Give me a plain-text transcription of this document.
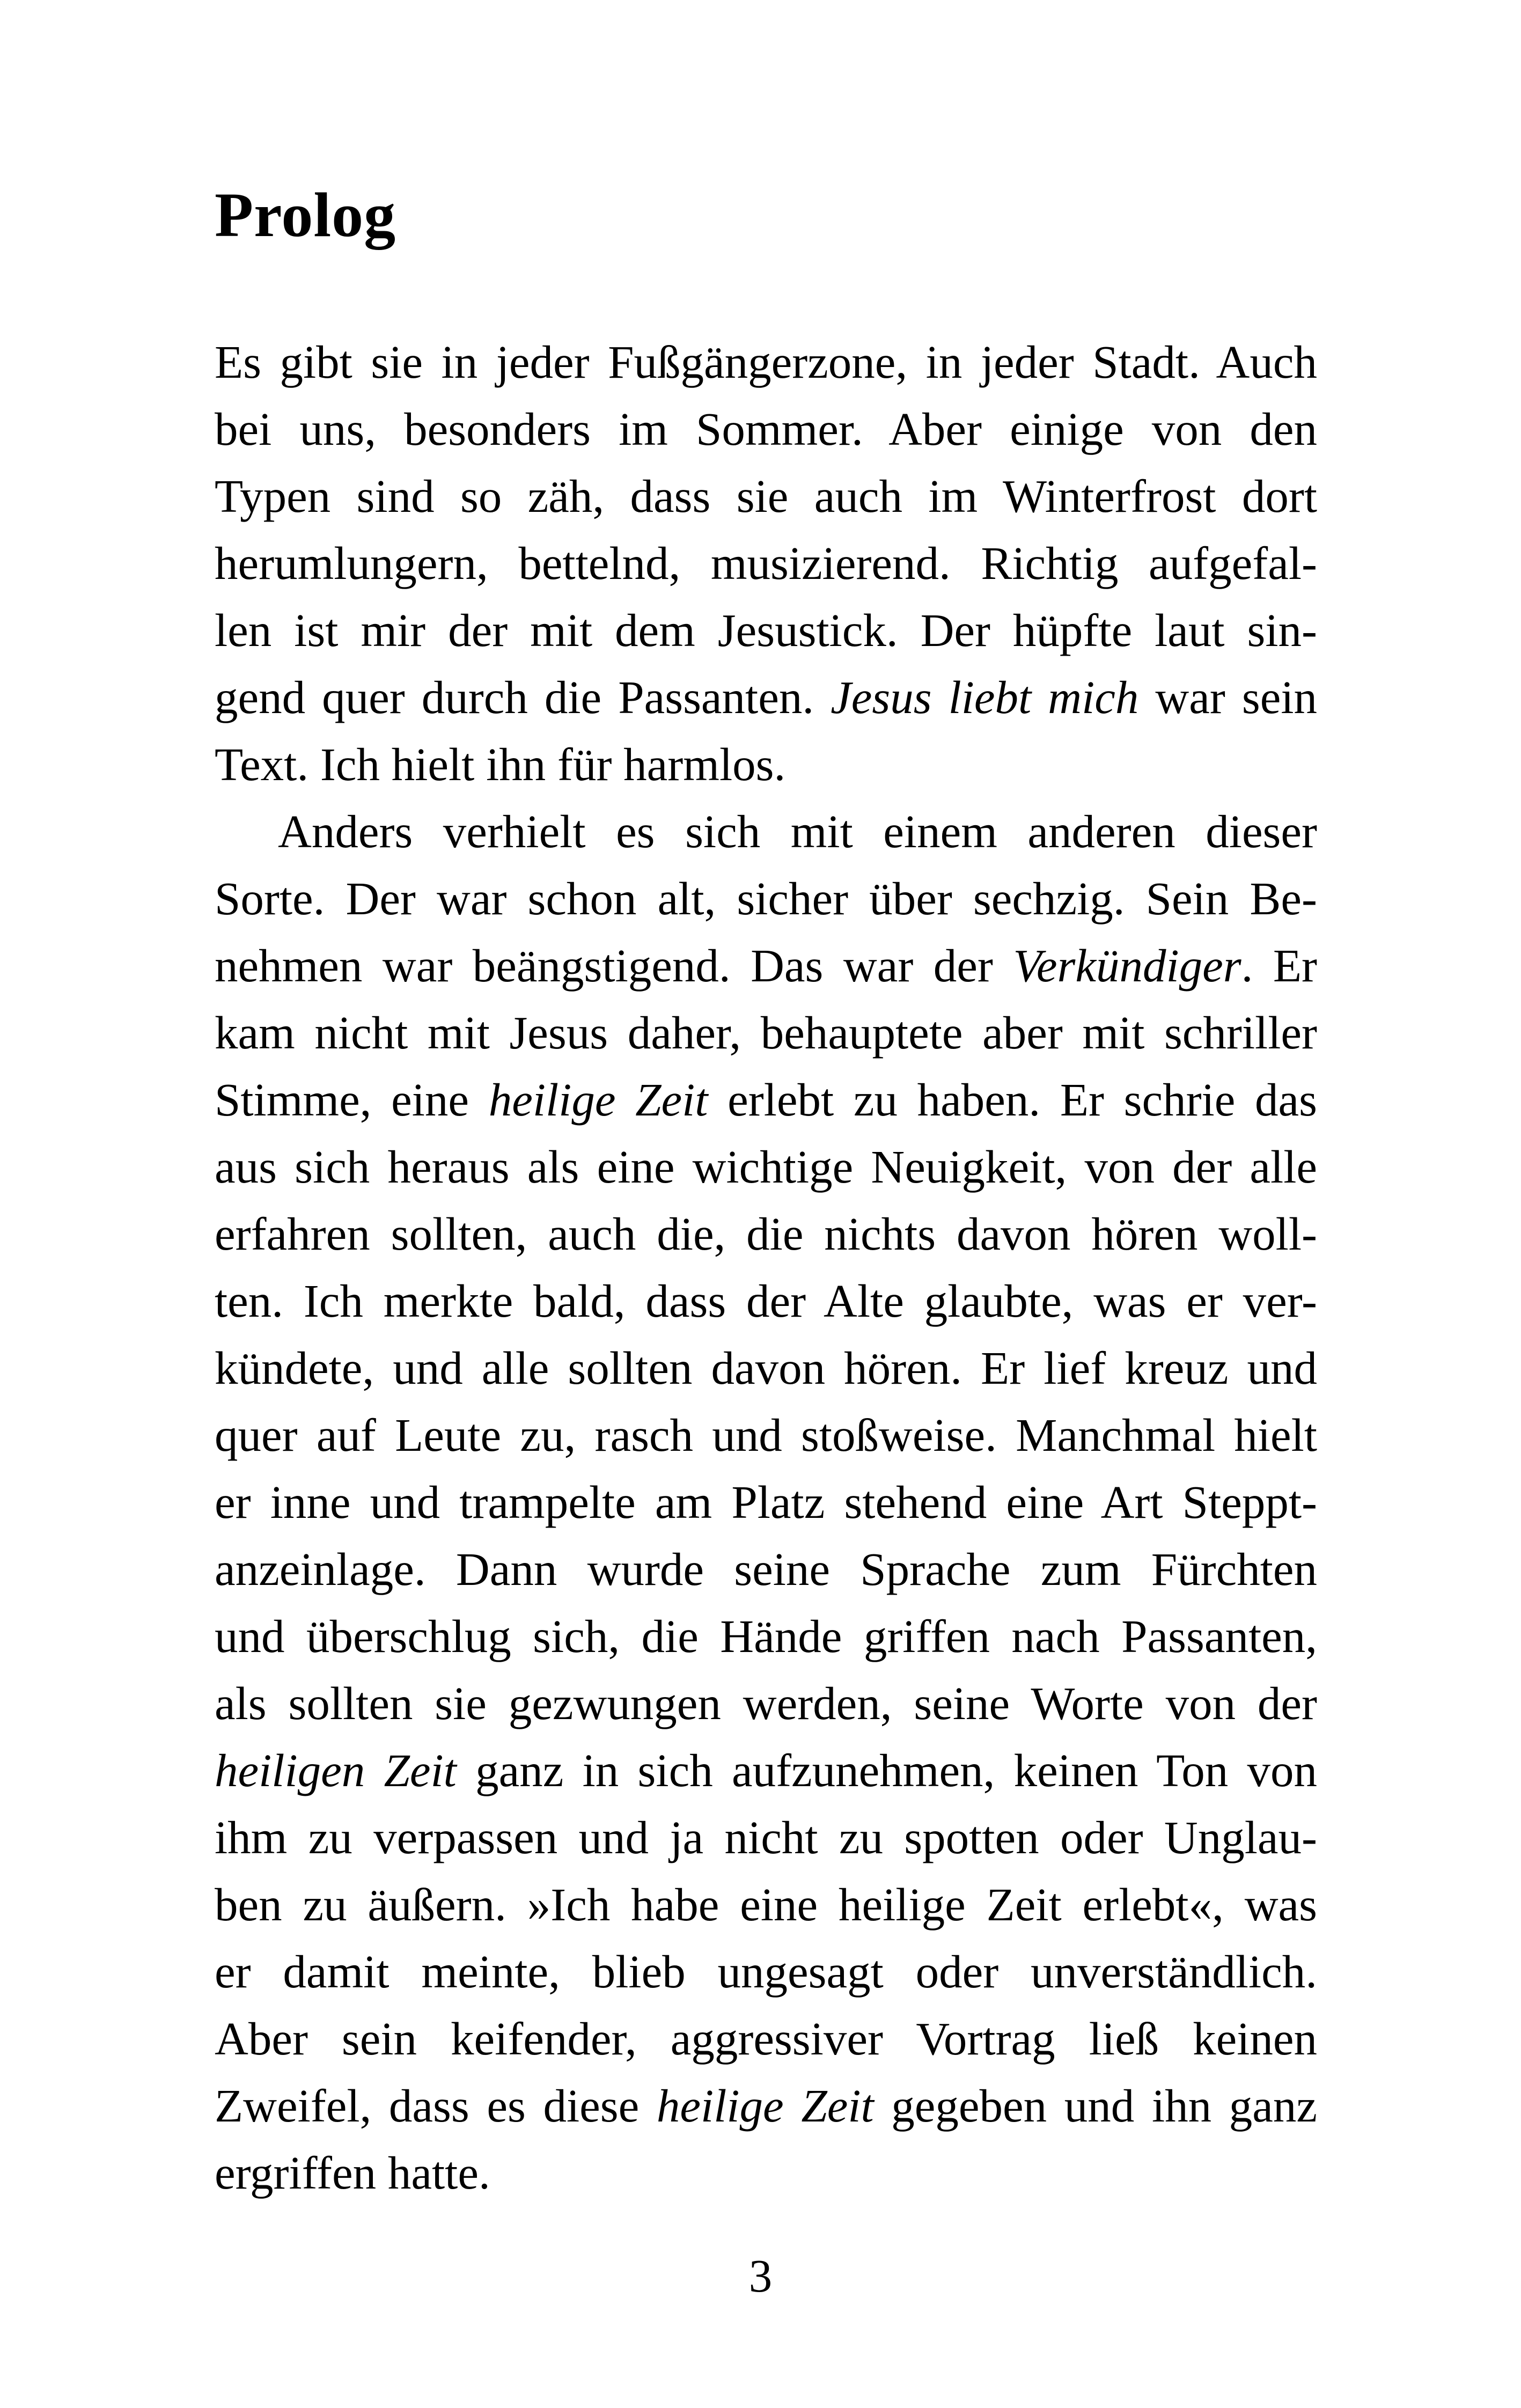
Prolog
Es gibt sie in jeder Fußgängerzone, in jeder Stadt. Auch
bei uns, besonders im Sommer. Aber einige von den
Typen sind so zäh, dass sie auch im Winterfrost dort
herumlungern, bettelnd, musizierend. Richtig aufgefal-
len ist mir der mit dem Jesustick. Der hüpfte laut sin-
gend quer durch die Passanten. Jesus liebt mich war sein
Text. Ich hielt ihn für harmlos.
Anders verhielt es sich mit einem anderen dieser
Sorte. Der war schon alt, sicher über sechzig. Sein Be-
nehmen war beängstigend. Das war der Verkündiger. Er
kam nicht mit Jesus daher, behauptete aber mit schriller
Stimme, eine heilige Zeit erlebt zu haben. Er schrie das
aus sich heraus als eine wichtige Neuigkeit, von der alle
erfahren sollten, auch die, die nichts davon hören woll-
ten. Ich merkte bald, dass der Alte glaubte, was er ver-
kündete, und alle sollten davon hören. Er lief kreuz und
quer auf Leute zu, rasch und stoßweise. Manchmal hielt
er inne und trampelte am Platz stehend eine Art Steppt-
anzeinlage. Dann wurde seine Sprache zum Fürchten
und überschlug sich, die Hände griffen nach Passanten,
als sollten sie gezwungen werden, seine Worte von der
heiligen Zeit ganz in sich aufzunehmen, keinen Ton von
ihm zu verpassen und ja nicht zu spotten oder Unglau-
ben zu äußern. »Ich habe eine heilige Zeit erlebt«, was
er damit meinte, blieb ungesagt oder unverständlich.
Aber sein keifender, aggressiver Vortrag ließ keinen
Zweifel, dass es diese heilige Zeit gegeben und ihn ganz
ergriffen hatte.
3
